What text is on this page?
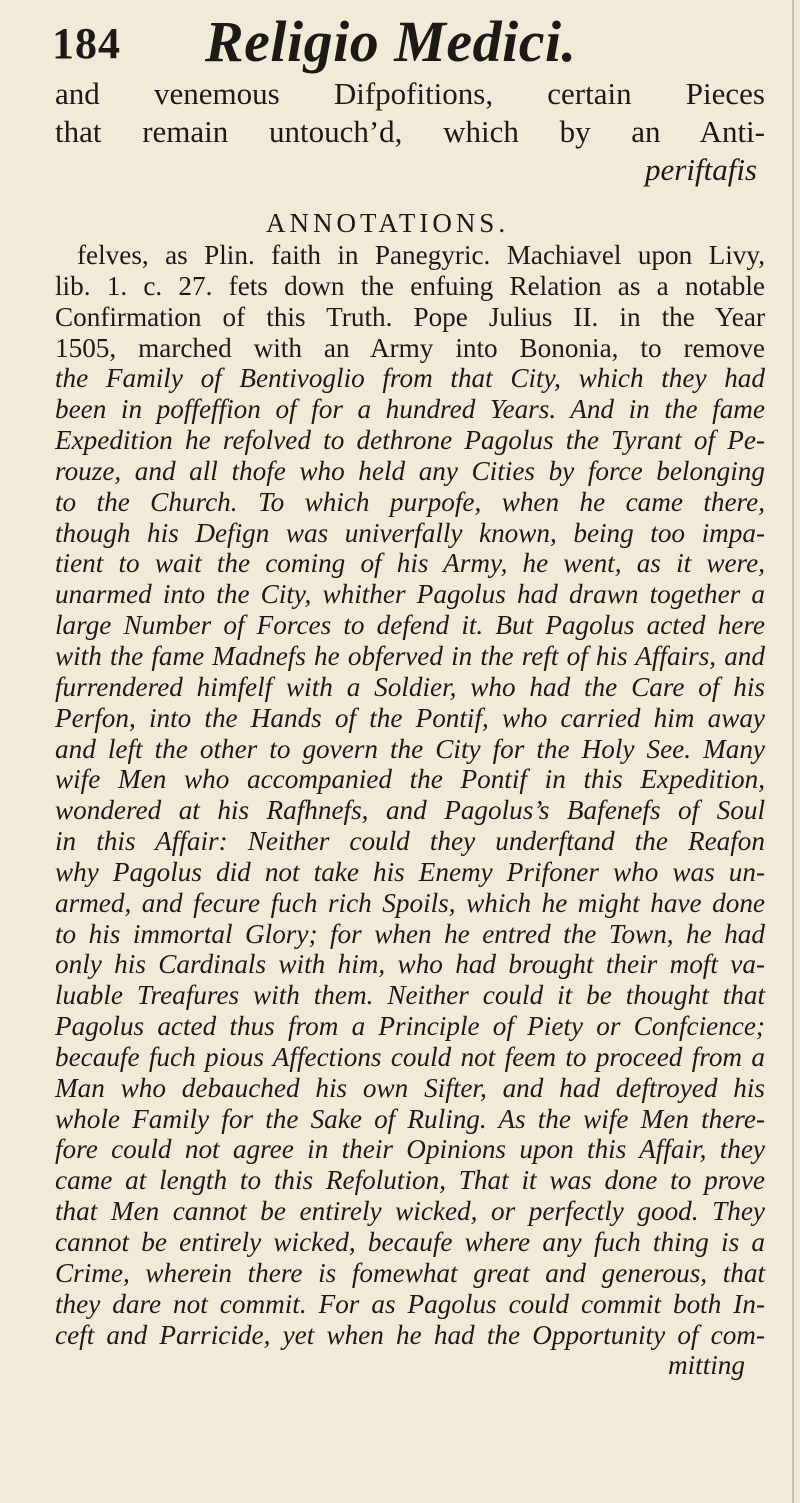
184 Religio Medici.
and venemous Difpofitions, certain Pieces
that remain untouch’d, which by an Anti-
periftafis
ANNOTATIONS.
felves, as Plin. faith in Panegyric. Machiavel upon Livy,
lib. 1. c. 27. fets down the enfuing Relation as a notable
Confirmation of this Truth. Pope Julius II. in the Year
1505, marched with an Army into Bononia, to remove
the Family of Bentivoglio from that City, which they had
been in poffeffion of for a hundred Years. And in the fame
Expedition he refolved to dethrone Pagolus the Tyrant of Pe-
rouze, and all thofe who held any Cities by force belonging
to the Church. To which purpofe, when he came there,
though his Defign was univerfally known, being too impa-
tient to wait the coming of his Army, he went, as it were,
unarmed into the City, whither Pagolus had drawn together a
large Number of Forces to defend it. But Pagolus acted here
with the fame Madnefs he obferved in the reft of his Affairs, and
furrendered himfelf with a Soldier, who had the Care of his
Perfon, into the Hands of the Pontif, who carried him away
and left the other to govern the City for the Holy See. Many
wife Men who accompanied the Pontif in this Expedition,
wondered at his Rafhnefs, and Pagolus’s Bafenefs of Soul
in this Affair: Neither could they underftand the Reafon
why Pagolus did not take his Enemy Prifoner who was un-
armed, and fecure fuch rich Spoils, which he might have done
to his immortal Glory; for when he entred the Town, he had
only his Cardinals with him, who had brought their moft va-
luable Treafures with them. Neither could it be thought that
Pagolus acted thus from a Principle of Piety or Confcience;
becaufe fuch pious Affections could not feem to proceed from a
Man who debauched his own Sifter, and had deftroyed his
whole Family for the Sake of Ruling. As the wife Men there-
fore could not agree in their Opinions upon this Affair, they
came at length to this Refolution, That it was done to prove
that Men cannot be entirely wicked, or perfectly good. They
cannot be entirely wicked, becaufe where any fuch thing is a
Crime, wherein there is fomewhat great and generous, that
they dare not commit. For as Pagolus could commit both In-
ceft and Parricide, yet when he had the Opportunity of com-
mitting
